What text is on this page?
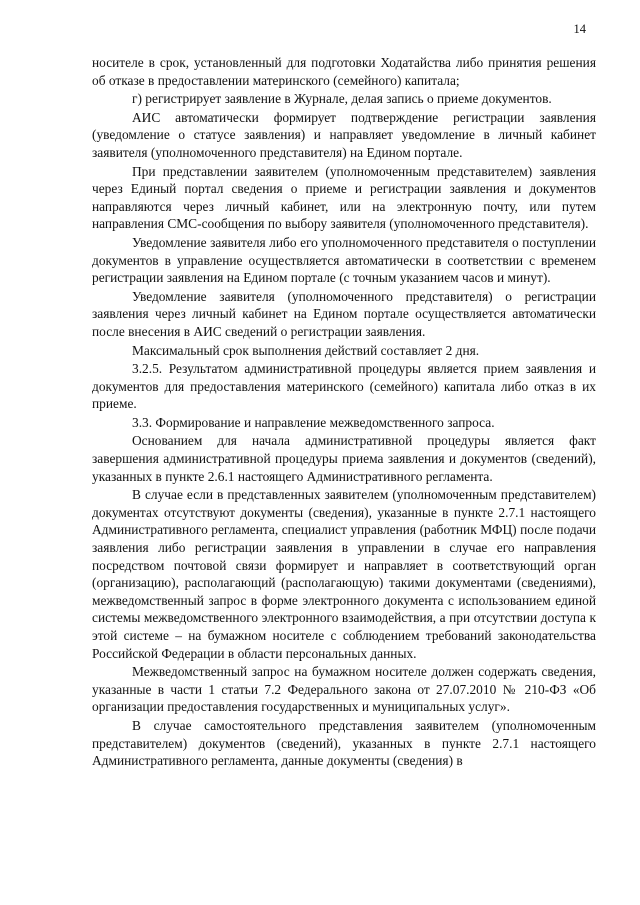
14

носителе в срок, установленный для подготовки Ходатайства либо принятия решения об отказе в предоставлении материнского (семейного) капитала;

г) регистрирует заявление в Журнале, делая запись о приеме документов.

АИС автоматически формирует подтверждение регистрации заявления (уведомление о статусе заявления) и направляет уведомление в личный кабинет заявителя (уполномоченного представителя) на Едином портале.

При представлении заявителем (уполномоченным представителем) заявления через Единый портал сведения о приеме и регистрации заявления и документов направляются через личный кабинет, или на электронную почту, или путем направления СМС-сообщения по выбору заявителя (уполномоченного представителя).

Уведомление заявителя либо его уполномоченного представителя о поступлении документов в управление осуществляется автоматически в соответствии с временем регистрации заявления на Едином портале (с точным указанием часов и минут).

Уведомление заявителя (уполномоченного представителя) о регистрации заявления через личный кабинет на Едином портале осуществляется автоматически после внесения в АИС сведений о регистрации заявления.

Максимальный срок выполнения действий составляет 2 дня.

3.2.5. Результатом административной процедуры является прием заявления и документов для предоставления материнского (семейного) капитала либо отказ в их приеме.

3.3. Формирование и направление межведомственного запроса.

Основанием для начала административной процедуры является факт завершения административной процедуры приема заявления и документов (сведений), указанных в пункте 2.6.1 настоящего Административного регламента.

В случае если в представленных заявителем (уполномоченным представителем) документах отсутствуют документы (сведения), указанные в пункте 2.7.1 настоящего Административного регламента, специалист управления (работник МФЦ) после подачи заявления либо регистрации заявления в управлении в случае его направления посредством почтовой связи формирует и направляет в соответствующий орган (организацию), располагающий (располагающую) такими документами (сведениями), межведомственный запрос в форме электронного документа с использованием единой системы межведомственного электронного взаимодействия, а при отсутствии доступа к этой системе – на бумажном носителе с соблюдением требований законодательства Российской Федерации в области персональных данных.

Межведомственный запрос на бумажном носителе должен содержать сведения, указанные в части 1 статьи 7.2 Федерального закона от 27.07.2010 № 210-ФЗ «Об организации предоставления государственных и муниципальных услуг».

В случае самостоятельного представления заявителем (уполномоченным представителем) документов (сведений), указанных в пункте 2.7.1 настоящего Административного регламента, данные документы (сведения) в
